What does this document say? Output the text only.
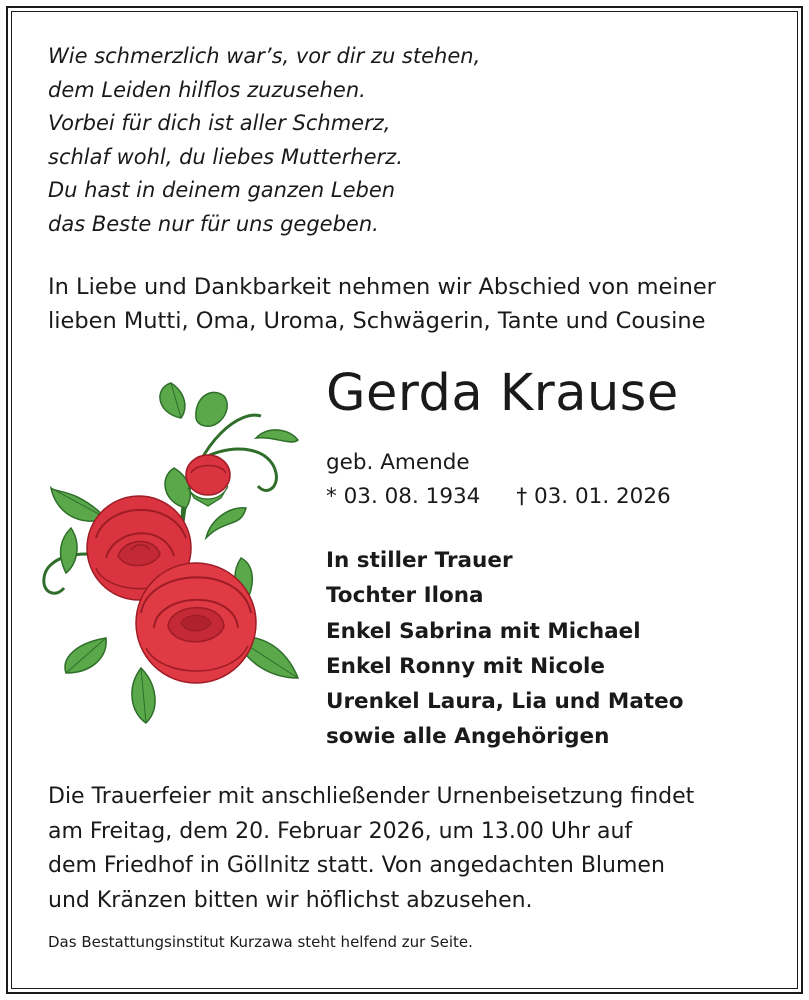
Wie schmerzlich war’s, vor dir zu stehen,
dem Leiden hilflos zuzusehen.
Vorbei für dich ist aller Schmerz,
schlaf wohl, du liebes Mutterherz.
Du hast in deinem ganzen Leben
das Beste nur für uns gegeben.
In Liebe und Dankbarkeit nehmen wir Abschied von meiner
lieben Mutti, Oma, Uroma, Schwägerin, Tante und Cousine
Gerda Krause
geb. Amende
* 03. 08. 1934 † 03. 01. 2026
In stiller Trauer
Tochter Ilona
Enkel Sabrina mit Michael
Enkel Ronny mit Nicole
Urenkel Laura, Lia und Mateo
sowie alle Angehörigen
Die Trauerfeier mit anschließender Urnenbeisetzung findet
am Freitag, dem 20. Februar 2026, um 13.00 Uhr auf
dem Friedhof in Göllnitz statt. Von angedachten Blumen
und Kränzen bitten wir höflichst abzusehen.
Das Bestattungsinstitut Kurzawa steht helfend zur Seite.
